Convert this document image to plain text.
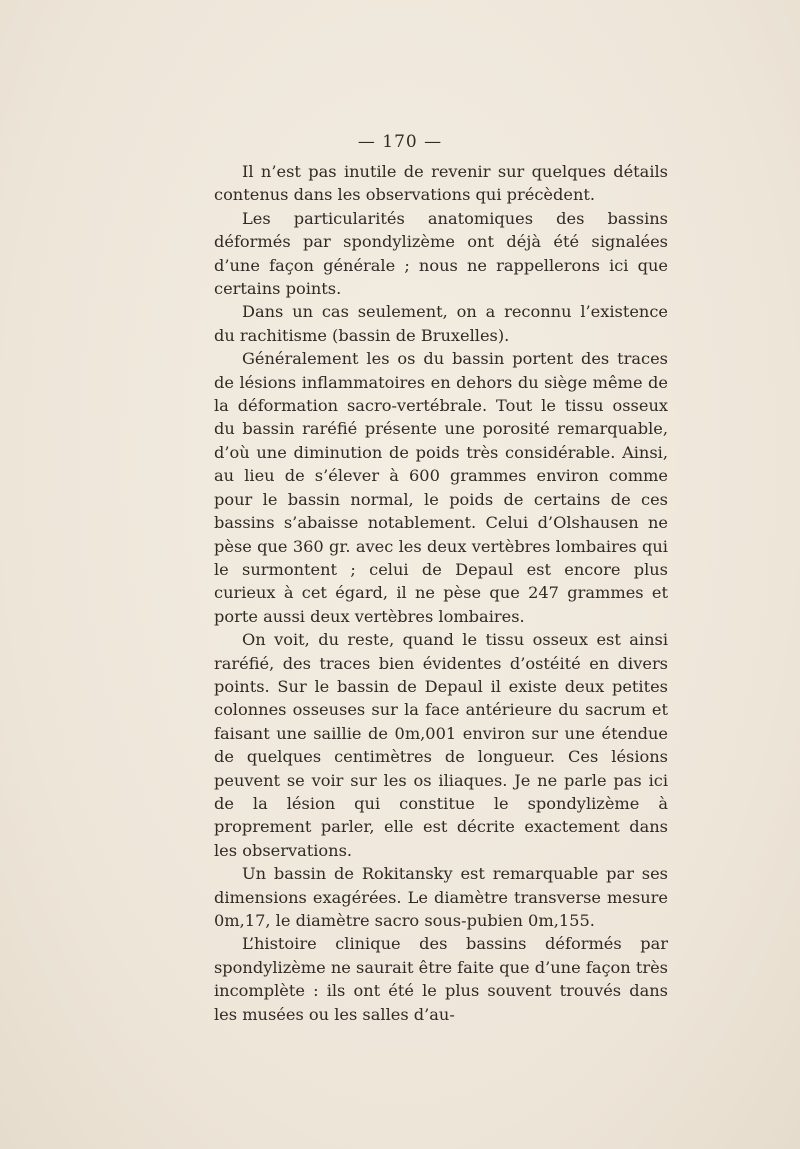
— 170 —

Il n’est pas inutile de revenir sur quelques détails contenus dans les observations qui précèdent.

Les particularités anatomiques des bassins déformés par spondylizème ont déjà été signalées d’une façon générale ; nous ne rappellerons ici que certains points.

Dans un cas seulement, on a reconnu l’existence du rachitisme (bassin de Bruxelles).

Généralement les os du bassin portent des traces de lésions inflammatoires en dehors du siège même de la déformation sacro-vertébrale. Tout le tissu osseux du bassin raréfié présente une porosité remarquable, d’où une diminution de poids très considérable. Ainsi, au lieu de s’élever à 600 grammes environ comme pour le bassin normal, le poids de certains de ces bassins s’abaisse notablement. Celui d’Olshausen ne pèse que 360 gr. avec les deux vertèbres lombaires qui le surmontent ; celui de Depaul est encore plus curieux à cet égard, il ne pèse que 247 grammes et porte aussi deux vertèbres lombaires.

On voit, du reste, quand le tissu osseux est ainsi raréfié, des traces bien évidentes d’ostéité en divers points. Sur le bassin de Depaul il existe deux petites colonnes osseuses sur la face antérieure du sacrum et faisant une saillie de 0m,001 environ sur une étendue de quelques centimètres de longueur. Ces lésions peuvent se voir sur les os iliaques. Je ne parle pas ici de la lésion qui constitue le spondylizème à proprement parler, elle est décrite exactement dans les observations.

Un bassin de Rokitansky est remarquable par ses dimensions exagérées. Le diamètre transverse mesure 0m,17, le diamètre sacro sous-pubien 0m,155.

L’histoire clinique des bassins déformés par spondylizème ne saurait être faite que d’une façon très incomplète : ils ont été le plus souvent trouvés dans les musées ou les salles d’au-
